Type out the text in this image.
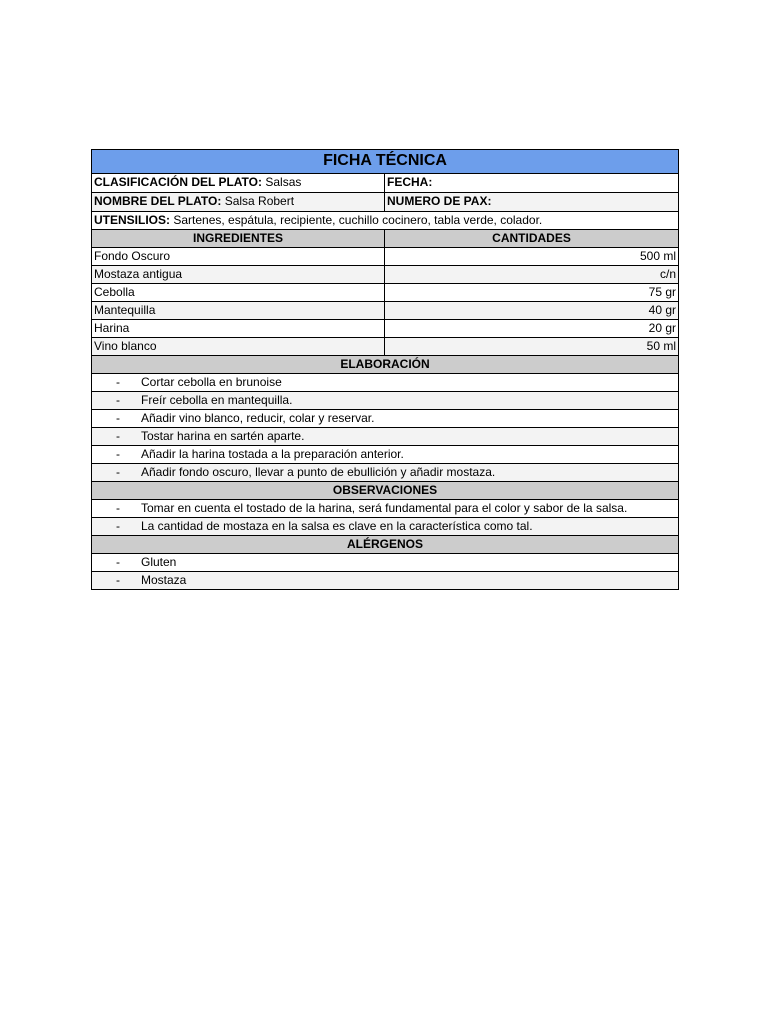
FICHA TÉCNICA
CLASIFICACIÓN DEL PLATO: Salsas	FECHA:
NOMBRE DEL PLATO: Salsa Robert	NUMERO DE PAX:
UTENSILIOS: Sartenes, espátula, recipiente, cuchillo cocinero, tabla verde, colador.
INGREDIENTES	CANTIDADES
Fondo Oscuro	500 ml
Mostaza antigua	c/n
Cebolla	75 gr
Mantequilla	40 gr
Harina	20 gr
Vino blanco	50 ml
ELABORACIÓN
-	Cortar cebolla en brunoise
-	Freír cebolla en mantequilla.
-	Añadir vino blanco, reducir, colar y reservar.
-	Tostar harina en sartén aparte.
-	Añadir la harina tostada a la preparación anterior.
-	Añadir fondo oscuro, llevar a punto de ebullición y añadir mostaza.
OBSERVACIONES
-	Tomar en cuenta el tostado de la harina, será fundamental para el color y sabor de la salsa.
-	La cantidad de mostaza en la salsa es clave en la característica como tal.
ALÉRGENOS
-	Gluten
-	Mostaza
